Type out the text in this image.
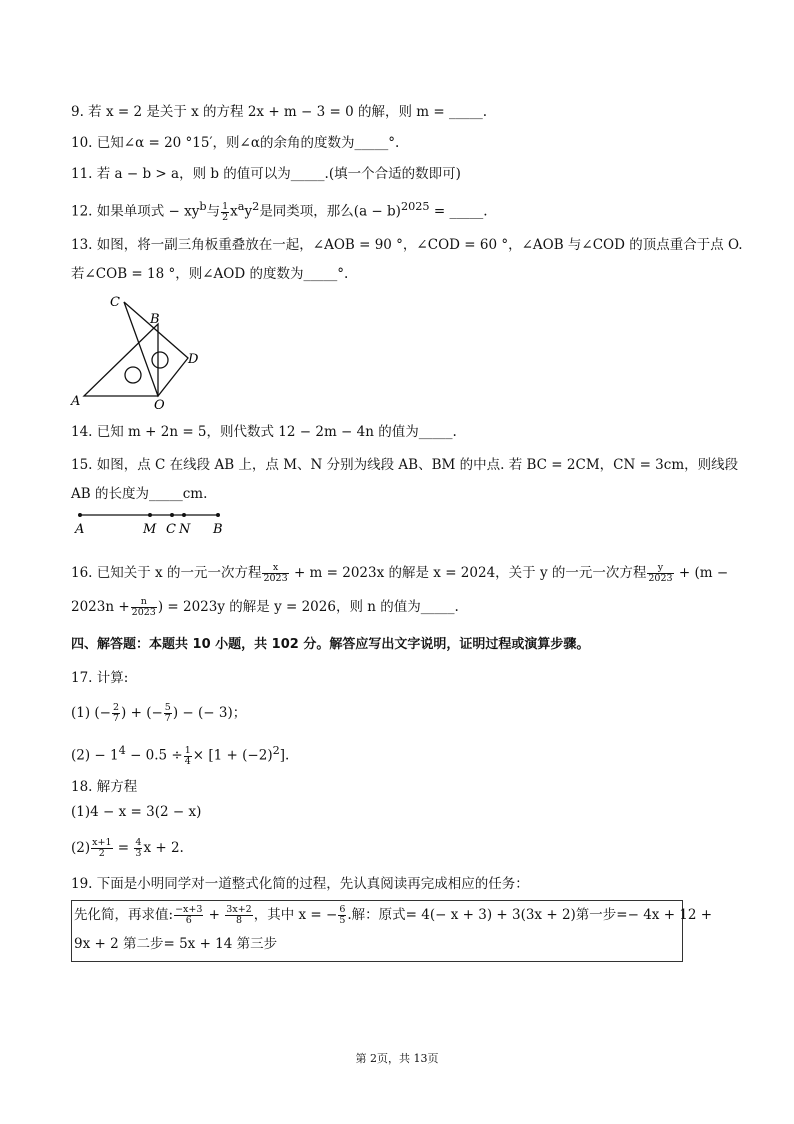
9. 若 x = 2 是关于 x 的方程 2x + m − 3 = 0 的解，则 m = _____.
10. 已知∠α = 20 °15′，则∠α的余角的度数为_____°.
11. 若 a − b > a，则 b 的值可以为_____.(填一个合适的数即可)
12. 如果单项式 − $xy^b$与 $\frac{1}{2} x^ay^2$是同类项，那么$(a - b)^{2025}$ = _____.
13. 如图，将一副三角板重叠放在一起，∠AOB = 90 °，∠COD = 60 °，∠AOB 与∠COD 的顶点重合于点 O.
若∠COB = 18 °，则∠AOD 的度数为_____°.
C
B
D
A	O
14. 已知 m + 2n = 5，则代数式 12 − 2m − 4n 的值为_____.
15. 如图，点 C 在线段 AB 上，点 M、N 分别为线段 AB、BM 的中点. 若 BC = 2CM，CN = 3cm，则线段
AB 的长度为_____cm.
A	M C N B
16. 已知关于 x 的一元一次方程 $\frac{x}{2023} + m = 2023x$ 的解是 x = 2024，关于 y 的一元一次方程 $\frac{y}{2023} + (m$ −
$2023n + \frac{n}{2023}$ ) = 2023y 的解是 y = 2026，则 n 的值为_____.
四、解答题：本题共 10 小题，共 102 分。解答应写出文字说明，证明过程或演算步骤。
17. 计算:
(1) (− $\frac{2}{7}$ ) + (− $\frac{5}{7}$ ) − (− 3)；
$(2) - 1^4 - 0.5 \div \frac{1}{4} \times [1 + (-2)^2]$.
18. 解方程
(1)4 − x = 3(2 − x)
$(2) \frac{x+1}{2} = \frac{4}{3}$ x + 2.
19. 下面是小明同学对一道整式化简的过程，先认真阅读再完成相应的任务：
先化简，再求值: $\frac{-x+3}{6} + \frac{3x+2}{8}$ ，其中 x = − $\frac{6}{5}$ .解：原式= 4(− x + 3) + 3(3x + 2)第一步=− 4x + 12 +
9x + 2 第二步= 5x + 14 第三步
第 2页，共 13页
